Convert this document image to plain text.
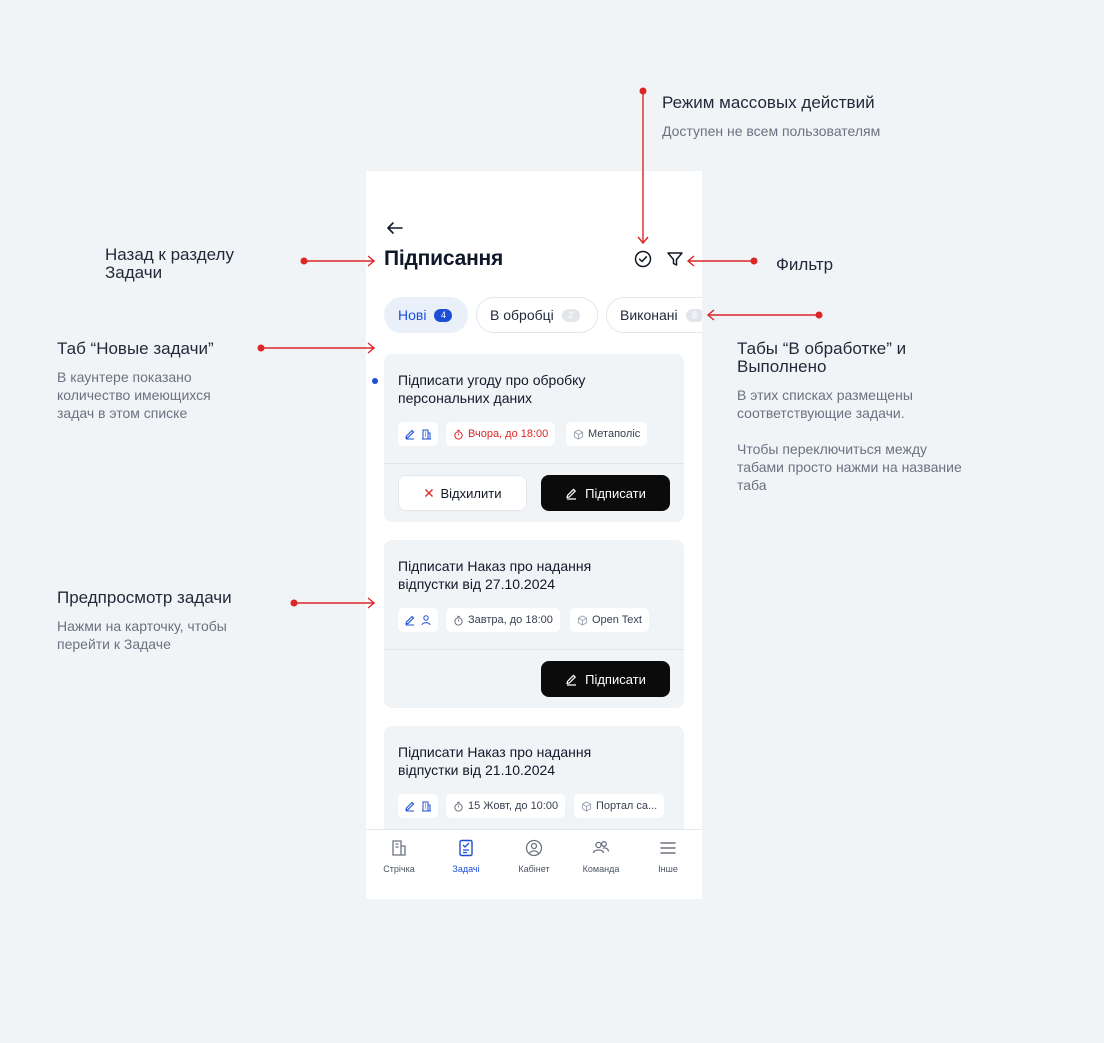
Підписання
Нові	4	В обробці	2	Виконані	8
Підписати угоду про обробку персональних даних
Вчора, до 18:00	Метаполіс
Відхилити	Підписати
Підписати Наказ про надання відпустки від 27.10.2024
Завтра, до 18:00	Open Text
Підписати
Підписати Наказ про надання відпустки від 21.10.2024
15 Жовт, до 10:00	Портал са...
Стрічка	Задачі	Кабінет	Команда	Інше
Режим массовых действий
Доступен не всем пользователям
Назад к разделу
Задачи	Фильтр
Таб “Новые задачи”
В каунтере показано
количество имеющихся
задач в этом списке
Табы “В обработке” и
Выполнено
В этих списках размещены
соответствующие задачи.
Чтобы переключиться между
табами просто нажми на название
таба
Предпросмотр задачи
Нажми на карточку, чтобы
перейти к Задаче
